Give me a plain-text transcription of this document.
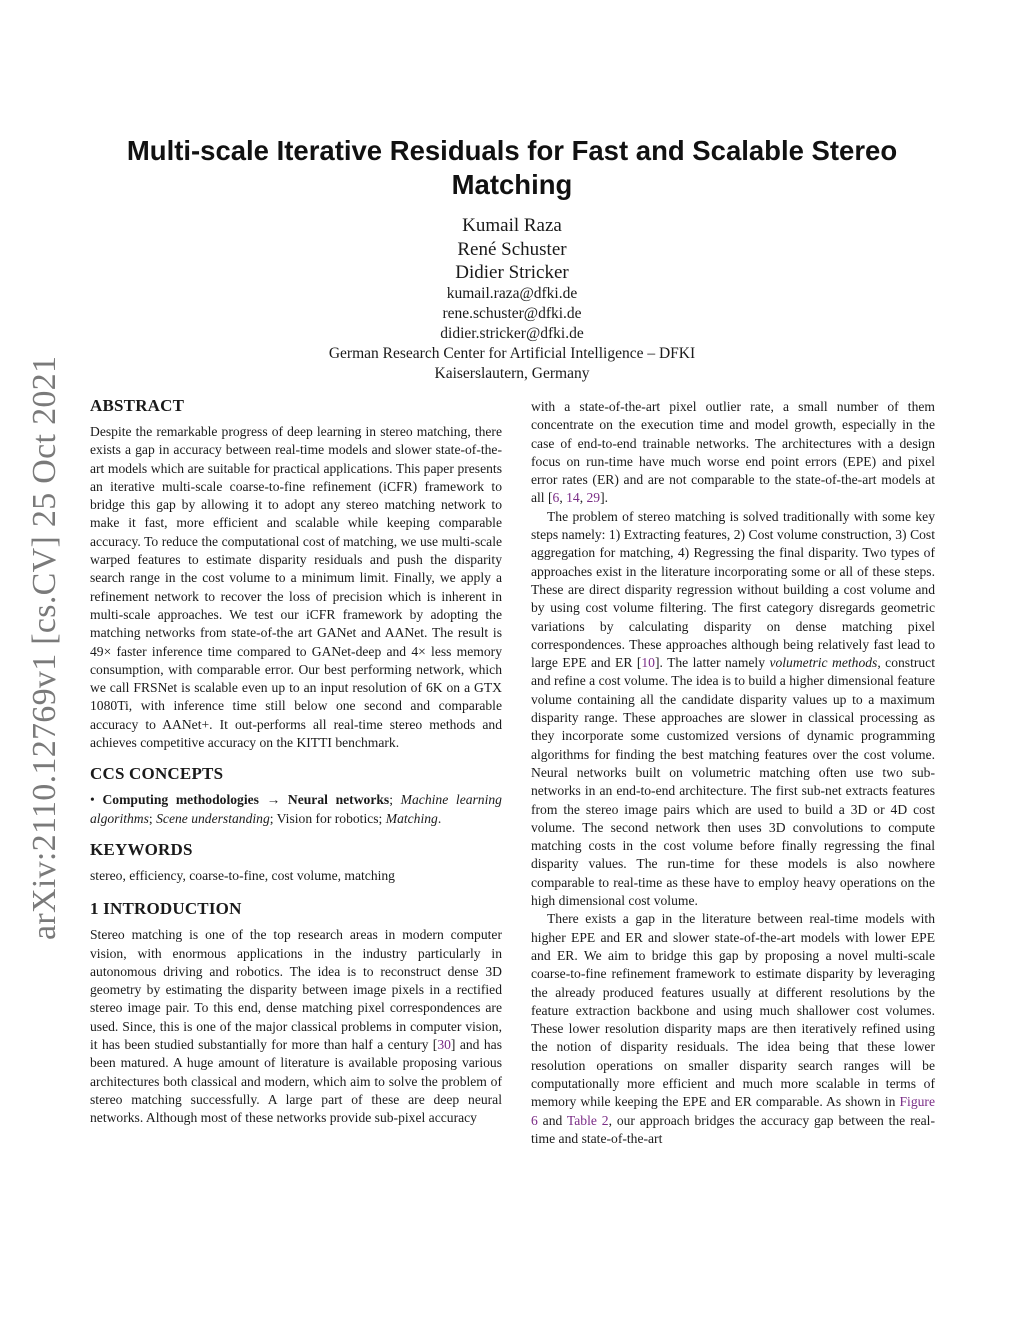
arXiv:2110.12769v1 [cs.CV] 25 Oct 2021
Multi-scale Iterative Residuals for Fast and Scalable Stereo Matching
Kumail Raza
René Schuster
Didier Stricker
kumail.raza@dfki.de
rene.schuster@dfki.de
didier.stricker@dfki.de
German Research Center for Artificial Intelligence – DFKI
Kaiserslautern, Germany
ABSTRACT

Despite the remarkable progress of deep learning in stereo matching, there exists a gap in accuracy between real-time models and slower state-of-the-art models which are suitable for practical applications. This paper presents an iterative multi-scale coarse-to-fine refinement (iCFR) framework to bridge this gap by allowing it to adopt any stereo matching network to make it fast, more efficient and scalable while keeping comparable accuracy. To reduce the computational cost of matching, we use multi-scale warped features to estimate disparity residuals and push the disparity search range in the cost volume to a minimum limit. Finally, we apply a refinement network to recover the loss of precision which is inherent in multi-scale approaches. We test our iCFR framework by adopting the matching networks from state-of-the art GANet and AANet. The result is 49× faster inference time compared to GANet-deep and 4× less memory consumption, with comparable error. Our best performing network, which we call FRSNet is scalable even up to an input resolution of 6K on a GTX 1080Ti, with inference time still below one second and comparable accuracy to AANet+. It out-performs all real-time stereo methods and achieves competitive accuracy on the KITTI benchmark.

CCS CONCEPTS

• Computing methodologies → Neural networks; Machine learning algorithms; Scene understanding; Vision for robotics; Matching.

KEYWORDS

stereo, efficiency, coarse-to-fine, cost volume, matching

1 INTRODUCTION

Stereo matching is one of the top research areas in modern computer vision, with enormous applications in the industry particularly in autonomous driving and robotics. The idea is to reconstruct dense 3D geometry by estimating the disparity between image pixels in a rectified stereo image pair. To this end, dense matching pixel correspondences are used. Since, this is one of the major classical problems in computer vision, it has been studied substantially for more than half a century [30] and has been matured. A huge amount of literature is available proposing various architectures both classical and modern, which aim to solve the problem of stereo matching successfully. A large part of these are deep neural networks. Although most of these networks provide sub-pixel accuracy

with a state-of-the-art pixel outlier rate, a small number of them concentrate on the execution time and model growth, especially in the case of end-to-end trainable networks. The architectures with a design focus on run-time have much worse end point errors (EPE) and pixel error rates (ER) and are not comparable to the state-of-the-art models at all [6, 14, 29].

The problem of stereo matching is solved traditionally with some key steps namely: 1) Extracting features, 2) Cost volume construction, 3) Cost aggregation for matching, 4) Regressing the final disparity. Two types of approaches exist in the literature incorporating some or all of these steps. These are direct disparity regression without building a cost volume and by using cost volume filtering. The first category disregards geometric variations by calculating disparity on dense matching pixel correspondences. These approaches although being relatively fast lead to large EPE and ER [10]. The latter namely volumetric methods, construct and refine a cost volume. The idea is to build a higher dimensional feature volume containing all the candidate disparity values up to a maximum disparity range. These approaches are slower in classical processing as they incorporate some customized versions of dynamic programming algorithms for finding the best matching features over the cost volume. Neural networks built on volumetric matching often use two sub-networks in an end-to-end architecture. The first sub-net extracts features from the stereo image pairs which are used to build a 3D or 4D cost volume. The second network then uses 3D convolutions to compute matching costs in the cost volume before finally regressing the final disparity values. The run-time for these models is also nowhere comparable to real-time as these have to employ heavy operations on the high dimensional cost volume.

There exists a gap in the literature between real-time models with higher EPE and ER and slower state-of-the-art models with lower EPE and ER. We aim to bridge this gap by proposing a novel multi-scale coarse-to-fine refinement framework to estimate disparity by leveraging the already produced features usually at different resolutions by the feature extraction backbone and using much shallower cost volumes. These lower resolution disparity maps are then iteratively refined using the notion of disparity residuals. The idea being that these lower resolution operations on smaller disparity search ranges will be computationally more efficient and much more scalable in terms of memory while keeping the EPE and ER comparable. As shown in Figure 6 and Table 2, our approach bridges the accuracy gap between the real-time and state-of-the-art
